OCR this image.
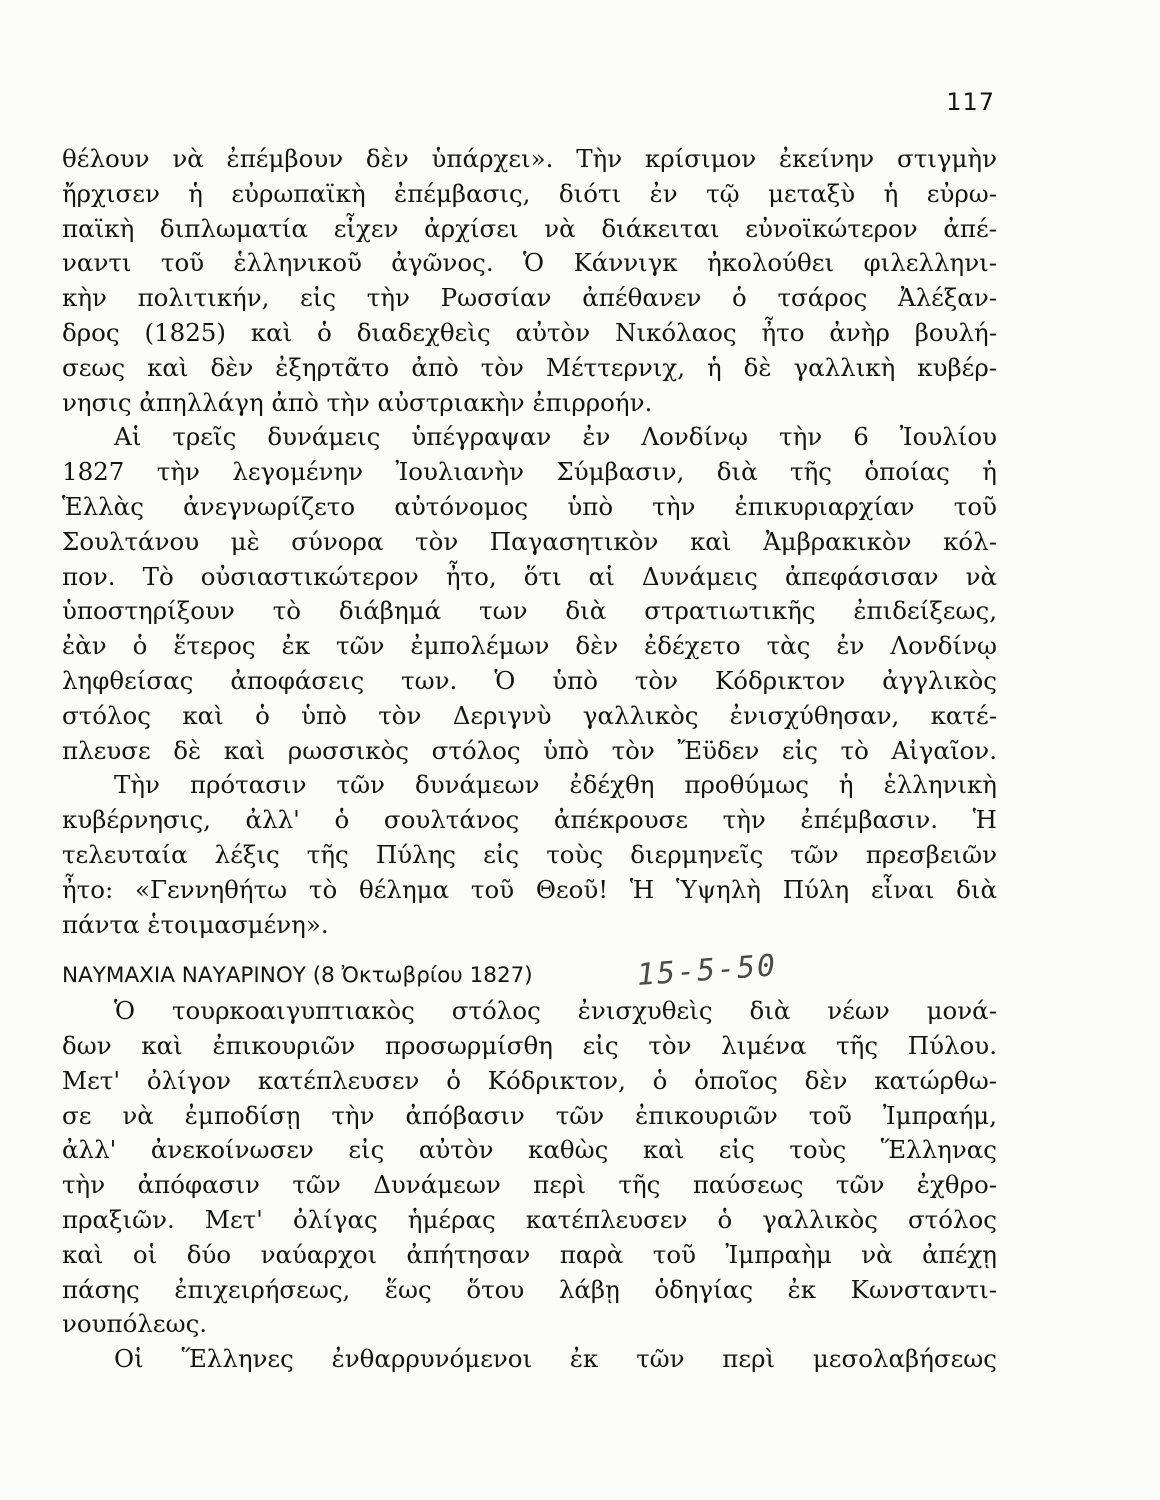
117
θέλουν νὰ ἐπέμβουν δὲν ὑπάρχει». Τὴν κρίσιμον ἐκείνην στιγμὴν
ἤρχισεν ἡ εὐρωπαϊκὴ ἐπέμβασις, διότι ἐν τῷ μεταξὺ ἡ εὐρω-
παϊκὴ διπλωματία εἶχεν ἀρχίσει νὰ διάκειται εὐνοϊκώτερον ἀπέ-
ναντι τοῦ ἑλληνικοῦ ἀγῶνος. Ὁ Κάννιγκ ἠκολούθει φιλελληνι-
κὴν πολιτικήν, εἰς τὴν Ρωσσίαν ἀπέθανεν ὁ τσάρος Ἀλέξαν-
δρος (1825) καὶ ὁ διαδεχθεὶς αὐτὸν Νικόλαος ἦτο ἀνὴρ βουλή-
σεως καὶ δὲν ἐξηρτᾶτο ἀπὸ τὸν Μέττερνιχ, ἡ δὲ γαλλικὴ κυβέρ-
νησις ἀπηλλάγη ἀπὸ τὴν αὐστριακὴν ἐπιρροήν.
Αἱ τρεῖς δυνάμεις ὑπέγραψαν ἐν Λονδίνῳ τὴν 6 Ἰουλίου
1827 τὴν λεγομένην Ἰουλιανὴν Σύμβασιν, διὰ τῆς ὁποίας ἡ
Ἑλλὰς ἀνεγνωρίζετο αὐτόνομος ὑπὸ τὴν ἐπικυριαρχίαν τοῦ
Σουλτάνου μὲ σύνορα τὸν Παγασητικὸν καὶ Ἀμβρακικὸν κόλ-
πον. Τὸ οὐσιαστικώτερον ἦτο, ὅτι αἱ Δυνάμεις ἀπεφάσισαν νὰ
ὑποστηρίξουν τὸ διάβημά των διὰ στρατιωτικῆς ἐπιδείξεως,
ἐὰν ὁ ἕτερος ἐκ τῶν ἐμπολέμων δὲν ἐδέχετο τὰς ἐν Λονδίνῳ
ληφθείσας ἀποφάσεις των. Ὁ ὑπὸ τὸν Κόδρικτον ἀγγλικὸς
στόλος καὶ ὁ ὑπὸ τὸν Δεριγνὺ γαλλικὸς ἐνισχύθησαν, κατέ-
πλευσε δὲ καὶ ρωσσικὸς στόλος ὑπὸ τὸν Ἔϋδεν εἰς τὸ Αἰγαῖον.
Τὴν πρότασιν τῶν δυνάμεων ἐδέχθη προθύμως ἡ ἑλληνικὴ
κυβέρνησις, ἀλλ' ὁ σουλτάνος ἀπέκρουσε τὴν ἐπέμβασιν. Ἡ
τελευταία λέξις τῆς Πύλης εἰς τοὺς διερμηνεῖς τῶν πρεσβειῶν
ἦτο: «Γεννηθήτω τὸ θέλημα τοῦ Θεοῦ! Ἡ Ὑψηλὴ Πύλη εἶναι διὰ
πάντα ἑτοιμασμένη».
ΝΑΥΜΑΧΙΑ ΝΑΥΑΡΙΝΟΥ (8 Ὀκτωβρίου 1827)	15-5-50
Ὁ τουρκοαιγυπτιακὸς στόλος ἐνισχυθεὶς διὰ νέων μονά-
δων καὶ ἐπικουριῶν προσωρμίσθη εἰς τὸν λιμένα τῆς Πύλου.
Μετ' ὀλίγον κατέπλευσεν ὁ Κόδρικτον, ὁ ὁποῖος δὲν κατώρθω-
σε νὰ ἐμποδίσῃ τὴν ἀπόβασιν τῶν ἐπικουριῶν τοῦ Ἰμπραήμ,
ἀλλ' ἀνεκοίνωσεν εἰς αὐτὸν καθὼς καὶ εἰς τοὺς Ἕλληνας
τὴν ἀπόφασιν τῶν Δυνάμεων περὶ τῆς παύσεως τῶν ἐχθρο-
πραξιῶν. Μετ' ὀλίγας ἡμέρας κατέπλευσεν ὁ γαλλικὸς στόλος
καὶ οἱ δύο ναύαρχοι ἀπήτησαν παρὰ τοῦ Ἰμπραὴμ νὰ ἀπέχῃ
πάσης ἐπιχειρήσεως, ἕως ὅτου λάβῃ ὁδηγίας ἐκ Κωνσταντι-
νουπόλεως.
Οἱ Ἕλληνες ἐνθαρρυνόμενοι ἐκ τῶν περὶ μεσολαβήσεως
